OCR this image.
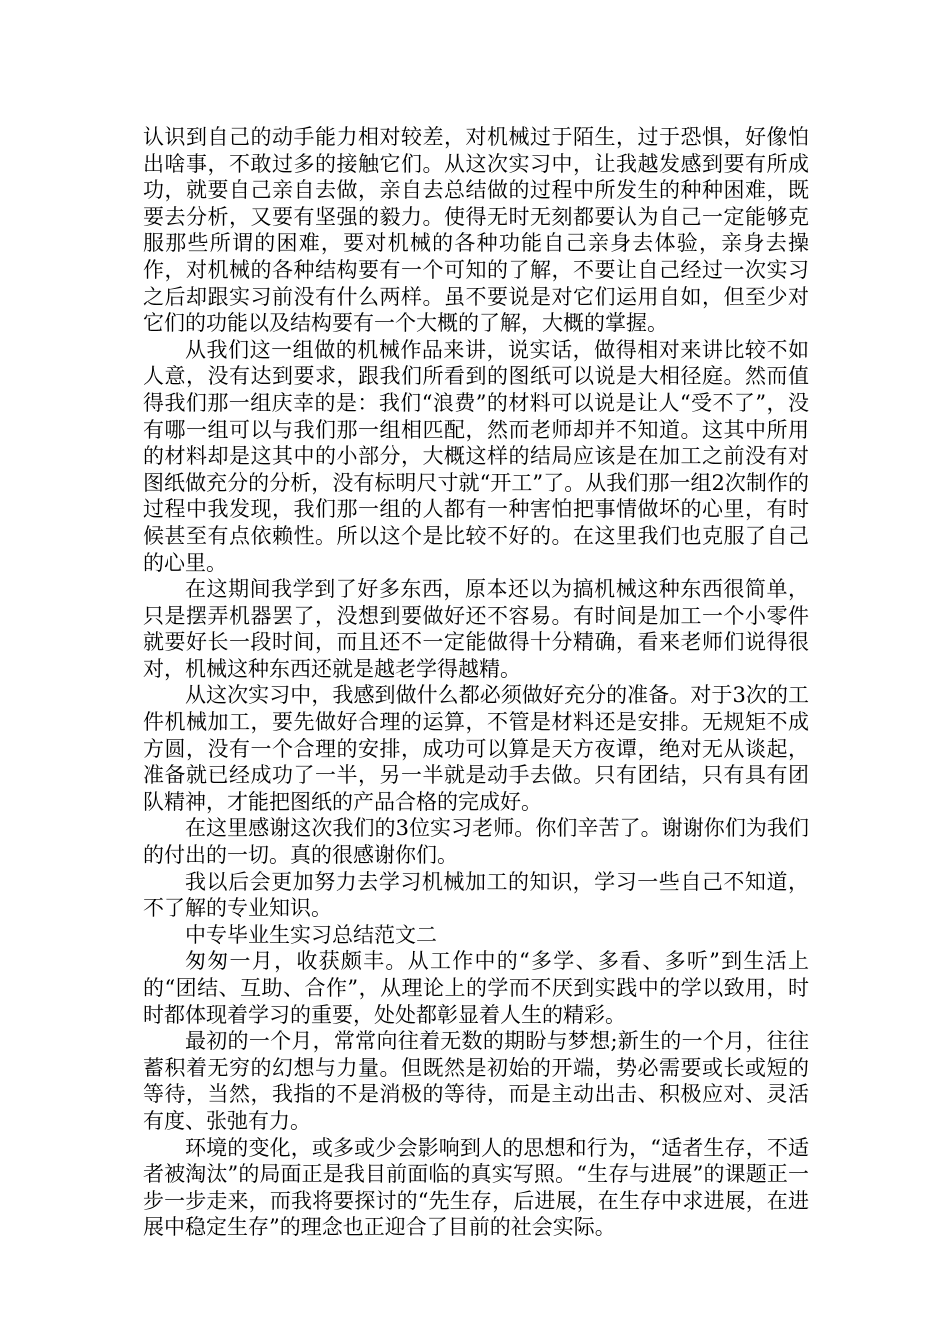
认识到自己的动手能力相对较差，对机械过于陌生，过于恐惧，好像怕出啥事，不敢过多的接触它们。从这次实习中，让我越发感到要有所成功，就要自己亲自去做，亲自去总结做的过程中所发生的种种困难，既要去分析，又要有坚强的毅力。使得无时无刻都要认为自己一定能够克服那些所谓的困难，要对机械的各种功能自己亲身去体验，亲身去操作，对机械的各种结构要有一个可知的了解，不要让自己经过一次实习之后却跟实习前没有什么两样。虽不要说是对它们运用自如，但至少对它们的功能以及结构要有一个大概的了解，大概的掌握。

从我们这一组做的机械作品来讲，说实话，做得相对来讲比较不如人意，没有达到要求，跟我们所看到的图纸可以说是大相径庭。然而值得我们那一组庆幸的是：我们“浪费”的材料可以说是让人“受不了”，没有哪一组可以与我们那一组相匹配，然而老师却并不知道。这其中所用的材料却是这其中的小部分，大概这样的结局应该是在加工之前没有对图纸做充分的分析，没有标明尺寸就“开工”了。从我们那一组2次制作的过程中我发现，我们那一组的人都有一种害怕把事情做坏的心里，有时候甚至有点依赖性。所以这个是比较不好的。在这里我们也克服了自己的心里。

在这期间我学到了好多东西，原本还以为搞机械这种东西很简单，只是摆弄机器罢了，没想到要做好还不容易。有时间是加工一个小零件就要好长一段时间，而且还不一定能做得十分精确，看来老师们说得很对，机械这种东西还就是越老学得越精。

从这次实习中，我感到做什么都必须做好充分的准备。对于3次的工件机械加工，要先做好合理的运算，不管是材料还是安排。无规矩不成方圆，没有一个合理的安排，成功可以算是天方夜谭，绝对无从谈起，准备就已经成功了一半，另一半就是动手去做。只有团结，只有具有团队精神，才能把图纸的产品合格的完成好。

在这里感谢这次我们的3位实习老师。你们辛苦了。谢谢你们为我们的付出的一切。真的很感谢你们。

我以后会更加努力去学习机械加工的知识，学习一些自己不知道，不了解的专业知识。

中专毕业生实习总结范文二

匆匆一月，收获颇丰。从工作中的“多学、多看、多听”到生活上的“团结、互助、合作”，从理论上的学而不厌到实践中的学以致用，时时都体现着学习的重要，处处都彰显着人生的精彩。

最初的一个月，常常向往着无数的期盼与梦想;新生的一个月，往往蓄积着无穷的幻想与力量。但既然是初始的开端，势必需要或长或短的等待，当然，我指的不是消极的等待，而是主动出击、积极应对、灵活有度、张弛有力。

环境的变化，或多或少会影响到人的思想和行为，“适者生存，不适者被淘汰”的局面正是我目前面临的真实写照。“生存与进展”的课题正一步一步走来，而我将要探讨的“先生存，后进展，在生存中求进展，在进展中稳定生存”的理念也正迎合了目前的社会实际。
